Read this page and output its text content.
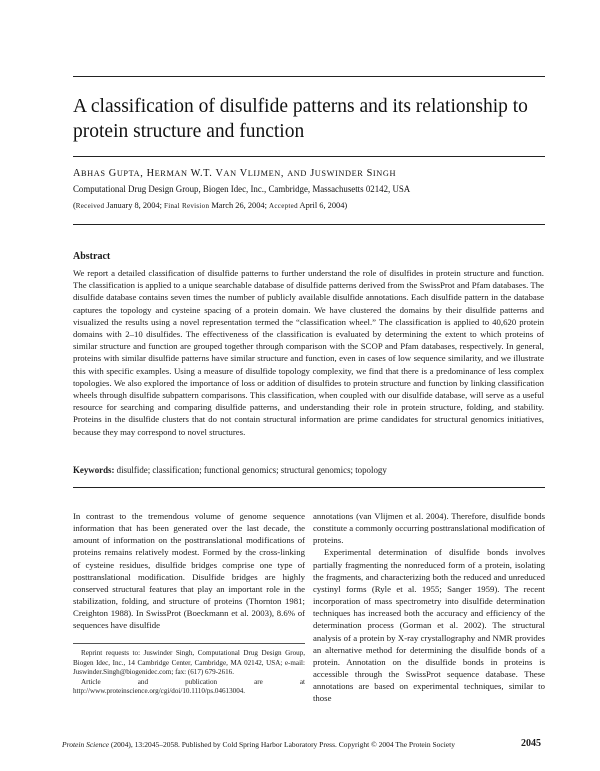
A classification of disulfide patterns and its relationship to protein structure and function
ABHAS GUPTA, HERMAN W.T. VAN VLIJMEN, AND JUSWINDER SINGH
Computational Drug Design Group, Biogen Idec, Inc., Cambridge, Massachusetts 02142, USA
(Received January 8, 2004; Final Revision March 26, 2004; Accepted April 6, 2004)
Abstract

We report a detailed classification of disulfide patterns to further understand the role of disulfides in protein structure and function. The classification is applied to a unique searchable database of disulfide patterns derived from the SwissProt and Pfam databases. The disulfide database contains seven times the number of publicly available disulfide annotations. Each disulfide pattern in the database captures the topology and cysteine spacing of a protein domain. We have clustered the domains by their disulfide patterns and visualized the results using a novel representation termed the “classification wheel.” The classification is applied to 40,620 protein domains with 2–10 disulfides. The effectiveness of the classification is evaluated by determining the extent to which proteins of similar structure and function are grouped together through comparison with the SCOP and Pfam databases, respectively. In general, proteins with similar disulfide patterns have similar structure and function, even in cases of low sequence similarity, and we illustrate this with specific examples. Using a measure of disulfide topology complexity, we find that there is a predominance of less complex topologies. We also explored the importance of loss or addition of disulfides to protein structure and function by linking classification wheels through disulfide subpattern comparisons. This classification, when coupled with our disulfide database, will serve as a useful resource for searching and comparing disulfide patterns, and understanding their role in protein structure, folding, and stability. Proteins in the disulfide clusters that do not contain structural information are prime candidates for structural genomics initiatives, because they may correspond to novel structures.

Keywords: disulfide; classification; functional genomics; structural genomics; topology

In contrast to the tremendous volume of genome sequence information that has been generated over the last decade, the amount of information on the posttranslational modifications of proteins remains relatively modest. Formed by the cross-linking of cysteine residues, disulfide bridges comprise one type of posttranslational modification. Disulfide bridges are highly conserved structural features that play an important role in the stabilization, folding, and structure of proteins (Thornton 1981; Creighton 1988). In SwissProt (Boeckmann et al. 2003), 8.6% of sequences have disulfide

annotations (van Vlijmen et al. 2004). Therefore, disulfide bonds constitute a commonly occurring posttranslational modification of proteins.

Experimental determination of disulfide bonds involves partially fragmenting the nonreduced form of a protein, isolating the fragments, and characterizing both the reduced and unreduced cystinyl forms (Ryle et al. 1955; Sanger 1959). The recent incorporation of mass spectrometry into disulfide determination techniques has increased both the accuracy and efficiency of the determination process (Gorman et al. 2002). The structural analysis of a protein by X-ray crystallography and NMR provides an alternative method for determining the disulfide bonds of a protein. Annotation on the disulfide bonds in proteins is accessible through the SwissProt sequence database. These annotations are based on experimental techniques, similar to those

Reprint requests to: Juswinder Singh, Computational Drug Design Group, Biogen Idec, Inc., 14 Cambridge Center, Cambridge, MA 02142, USA; e-mail: Juswinder.Singh@biogenidec.com; fax: (617) 679-2616.

Article and publication are at http://www.proteinscience.org/cgi/doi/10.1110/ps.04613004.

Protein Science (2004), 13:2045–2058. Published by Cold Spring Harbor Laboratory Press. Copyright © 2004 The Protein Society	2045
